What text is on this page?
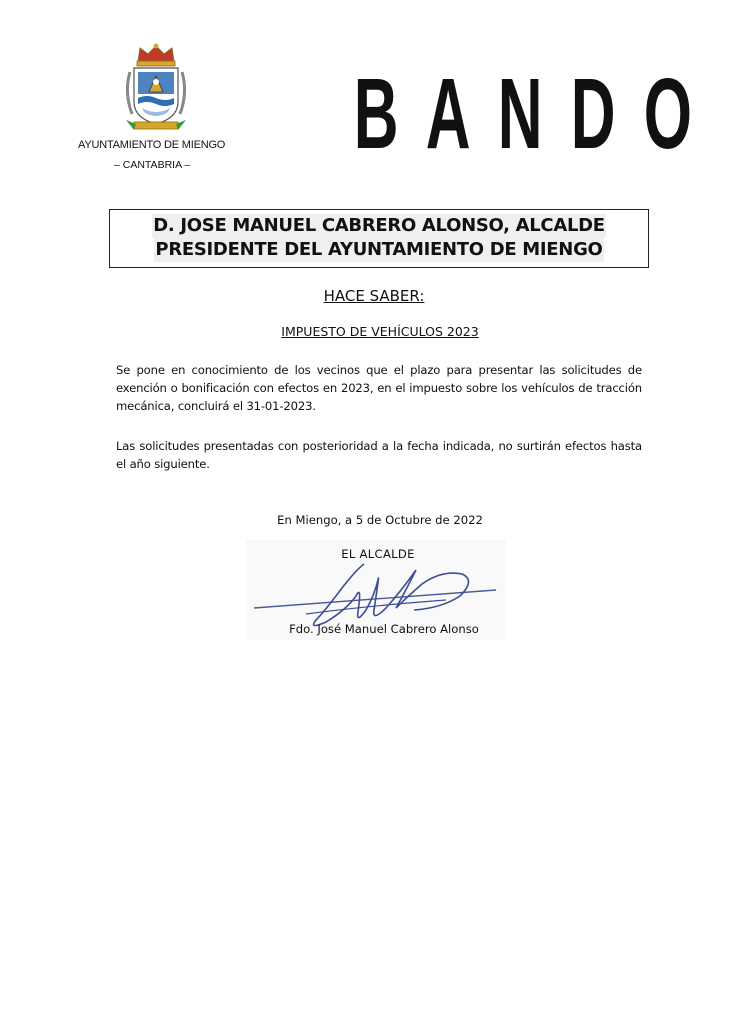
AYUNTAMIENTO DE MIENGO
– CANTABRIA – B A N D O
D. JOSE MANUEL CABRERO ALONSO, ALCALDE
PRESIDENTE DEL AYUNTAMIENTO DE MIENGO
HACE SABER:
IMPUESTO DE VEHÍCULOS 2023
Se pone en conocimiento de los vecinos que el plazo para presentar las solicitudes de exención o bonificación con efectos en 2023, en el impuesto sobre los vehículos de tracción mecánica, concluirá el 31-01-2023.
Las solicitudes presentadas con posterioridad a la fecha indicada, no surtirán efectos hasta el año siguiente.
En Miengo, a 5 de Octubre de 2022
EL ALCALDE
Fdo. José Manuel Cabrero Alonso
